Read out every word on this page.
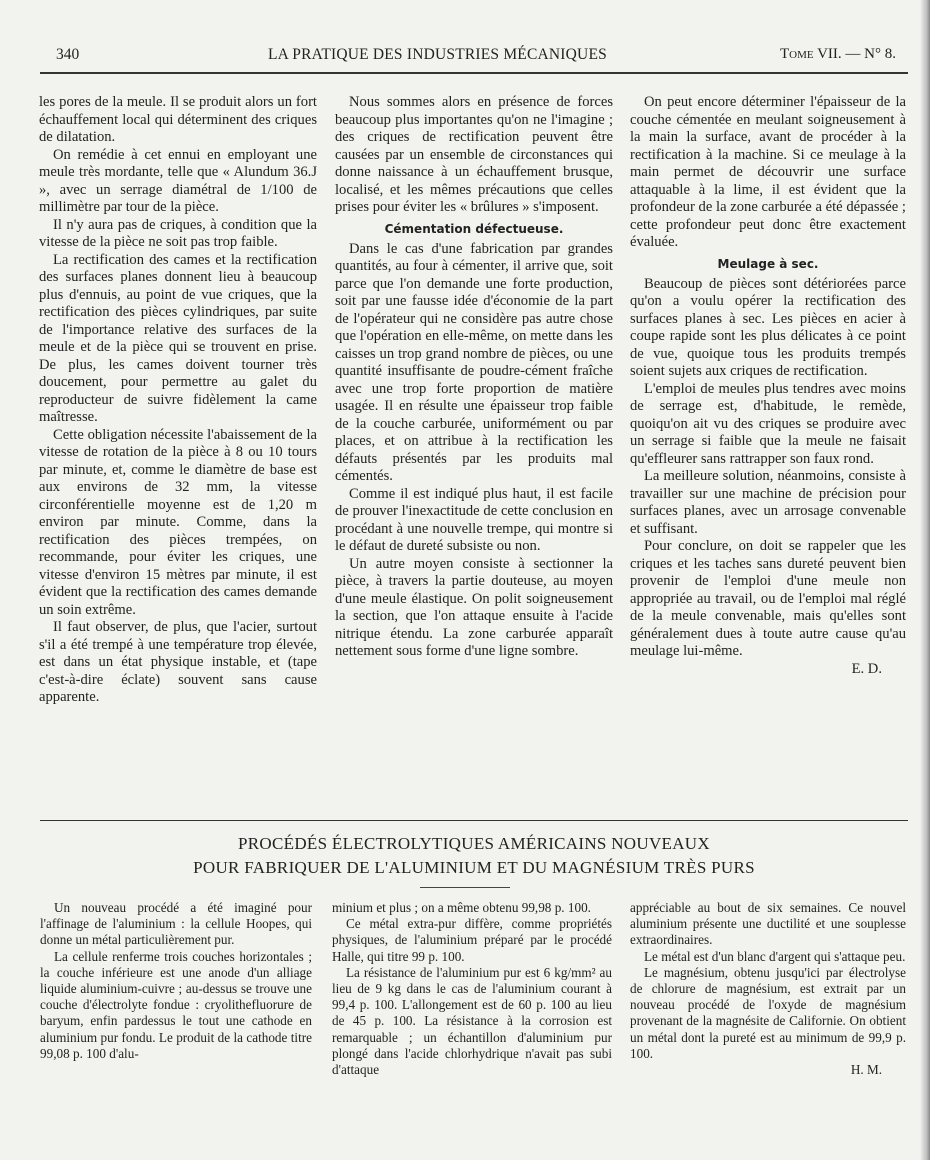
340	LA PRATIQUE DES INDUSTRIES MÉCANIQUES	Tome VII. — N° 8.

les pores de la meule. Il se produit alors un fort échauffement local qui déterminent des criques de dilatation.

On remédie à cet ennui en employant une meule très mordante, telle que « Alundum 36.J », avec un serrage diamétral de 1/100 de millimètre par tour de la pièce.

Il n'y aura pas de criques, à condition que la vitesse de la pièce ne soit pas trop faible.

La rectification des cames et la rectification des surfaces planes donnent lieu à beaucoup plus d'ennuis, au point de vue criques, que la rectification des pièces cylindriques, par suite de l'importance relative des surfaces de la meule et de la pièce qui se trouvent en prise. De plus, les cames doivent tourner très doucement, pour permettre au galet du reproducteur de suivre fidèlement la came maîtresse.

Cette obligation nécessite l'abaissement de la vitesse de rotation de la pièce à 8 ou 10 tours par minute, et, comme le diamètre de base est aux environs de 32 mm, la vitesse circonférentielle moyenne est de 1,20 m environ par minute. Comme, dans la rectification des pièces trempées, on recommande, pour éviter les criques, une vitesse d'environ 15 mètres par minute, il est évident que la rectification des cames demande un soin extrême.

Il faut observer, de plus, que l'acier, surtout s'il a été trempé à une température trop élevée, est dans un état physique instable, et (tape c'est-à-dire éclate) souvent sans cause apparente.

Nous sommes alors en présence de forces beaucoup plus importantes qu'on ne l'imagine ; des criques de rectification peuvent être causées par un ensemble de circonstances qui donne naissance à un échauffement brusque, localisé, et les mêmes précautions que celles prises pour éviter les « brûlures » s'imposent.

Cémentation défectueuse.

Dans le cas d'une fabrication par grandes quantités, au four à cémenter, il arrive que, soit parce que l'on demande une forte production, soit par une fausse idée d'économie de la part de l'opérateur qui ne considère pas autre chose que l'opération en elle-même, on mette dans les caisses un trop grand nombre de pièces, ou une quantité insuffisante de poudre-cément fraîche avec une trop forte proportion de matière usagée. Il en résulte une épaisseur trop faible de la couche carburée, uniformément ou par places, et on attribue à la rectification les défauts présentés par les produits mal cémentés.

Comme il est indiqué plus haut, il est facile de prouver l'inexactitude de cette conclusion en procédant à une nouvelle trempe, qui montre si le défaut de dureté subsiste ou non.

Un autre moyen consiste à sectionner la pièce, à travers la partie douteuse, au moyen d'une meule élastique. On polit soigneusement la section, que l'on attaque ensuite à l'acide nitrique étendu. La zone carburée apparaît nettement sous forme d'une ligne sombre.

On peut encore déterminer l'épaisseur de la couche cémentée en meulant soigneusement à la main la surface, avant de procéder à la rectification à la machine. Si ce meulage à la main permet de découvrir une surface attaquable à la lime, il est évident que la profondeur de la zone carburée a été dépassée ; cette profondeur peut donc être exactement évaluée.

Meulage à sec.

Beaucoup de pièces sont détériorées parce qu'on a voulu opérer la rectification des surfaces planes à sec. Les pièces en acier à coupe rapide sont les plus délicates à ce point de vue, quoique tous les produits trempés soient sujets aux criques de rectification.

L'emploi de meules plus tendres avec moins de serrage est, d'habitude, le remède, quoiqu'on ait vu des criques se produire avec un serrage si faible que la meule ne faisait qu'effleurer sans rattrapper son faux rond.

La meilleure solution, néanmoins, consiste à travailler sur une machine de précision pour surfaces planes, avec un arrosage convenable et suffisant.

Pour conclure, on doit se rappeler que les criques et les taches sans dureté peuvent bien provenir de l'emploi d'une meule non appropriée au travail, ou de l'emploi mal réglé de la meule convenable, mais qu'elles sont généralement dues à toute autre cause qu'au meulage lui-même.

E. D.
PROCÉDÉS ÉLECTROLYTIQUES AMÉRICAINS NOUVEAUX
POUR FABRIQUER DE L'ALUMINIUM ET DU MAGNÉSIUM TRÈS PURS

Un nouveau procédé a été imaginé pour l'affinage de l'aluminium : la cellule Hoopes, qui donne un métal particulièrement pur.

La cellule renferme trois couches horizontales ; la couche inférieure est une anode d'un alliage liquide aluminium-cuivre ; au-dessus se trouve une couche d'électrolyte fondue : cryolithefluorure de baryum, enfin pardessus le tout une cathode en aluminium pur fondu. Le produit de la cathode titre 99,08 p. 100 d'alu-

minium et plus ; on a même obtenu 99,98 p. 100.

Ce métal extra-pur diffère, comme propriétés physiques, de l'aluminium préparé par le procédé Halle, qui titre 99 p. 100.

La résistance de l'aluminium pur est 6 kg/mm² au lieu de 9 kg dans le cas de l'aluminium courant à 99,4 p. 100. L'allongement est de 60 p. 100 au lieu de 45 p. 100. La résistance à la corrosion est remarquable ; un échantillon d'aluminium pur plongé dans l'acide chlorhydrique n'avait pas subi d'attaque

appréciable au bout de six semaines. Ce nouvel aluminium présente une ductilité et une souplesse extraordinaires.

Le métal est d'un blanc d'argent qui s'attaque peu.

Le magnésium, obtenu jusqu'ici par électrolyse de chlorure de magnésium, est extrait par un nouveau procédé de l'oxyde de magnésium provenant de la magnésite de Californie. On obtient un métal dont la pureté est au minimum de 99,9 p. 100.

H. M.
